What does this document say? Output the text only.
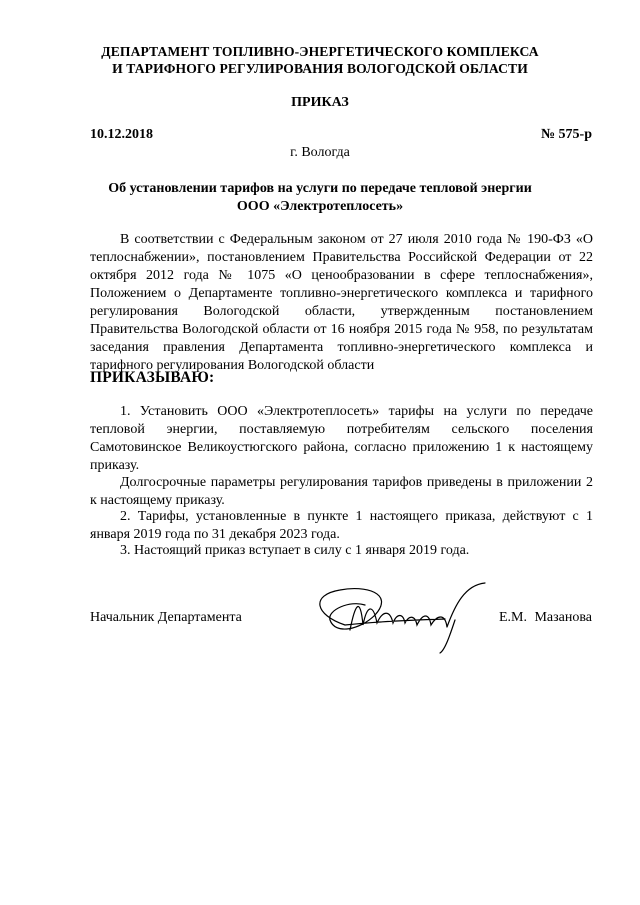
ДЕПАРТАМЕНТ ТОПЛИВНО-ЭНЕРГЕТИЧЕСКОГО КОМПЛЕКСА
И ТАРИФНОГО РЕГУЛИРОВАНИЯ ВОЛОГОДСКОЙ ОБЛАСТИ
ПРИКАЗ
10.12.2018	№ 575-р
г. Вологда
Об установлении тарифов на услуги по передаче тепловой энергии
ООО «Электротеплосеть»
В соответствии с Федеральным законом от 27 июля 2010 года № 190-ФЗ «О теплоснабжении», постановлением Правительства Российской Федерации от 22 октября 2012 года № 1075 «О ценообразовании в сфере теплоснабжения», Положением о Департаменте топливно-энергетического комплекса и тарифного регулирования Вологодской области, утвержденным постановлением Правительства Вологодской области от 16 ноября 2015 года № 958, по результатам заседания правления Департамента топливно-энергетического комплекса и тарифного регулирования Вологодской области
ПРИКАЗЫВАЮ:
1. Установить ООО «Электротеплосеть» тарифы на услуги по передаче тепловой энергии, поставляемую потребителям сельского поселения Самотовинское Великоустюгского района, согласно приложению 1 к настоящему приказу.
Долгосрочные параметры регулирования тарифов приведены в приложении 2 к настоящему приказу.
2. Тарифы, установленные в пункте 1 настоящего приказа, действуют с 1 января 2019 года по 31 декабря 2023 года.
3. Настоящий приказ вступает в силу с 1 января 2019 года.
Начальник Департамента	Е.М. Мазанова
